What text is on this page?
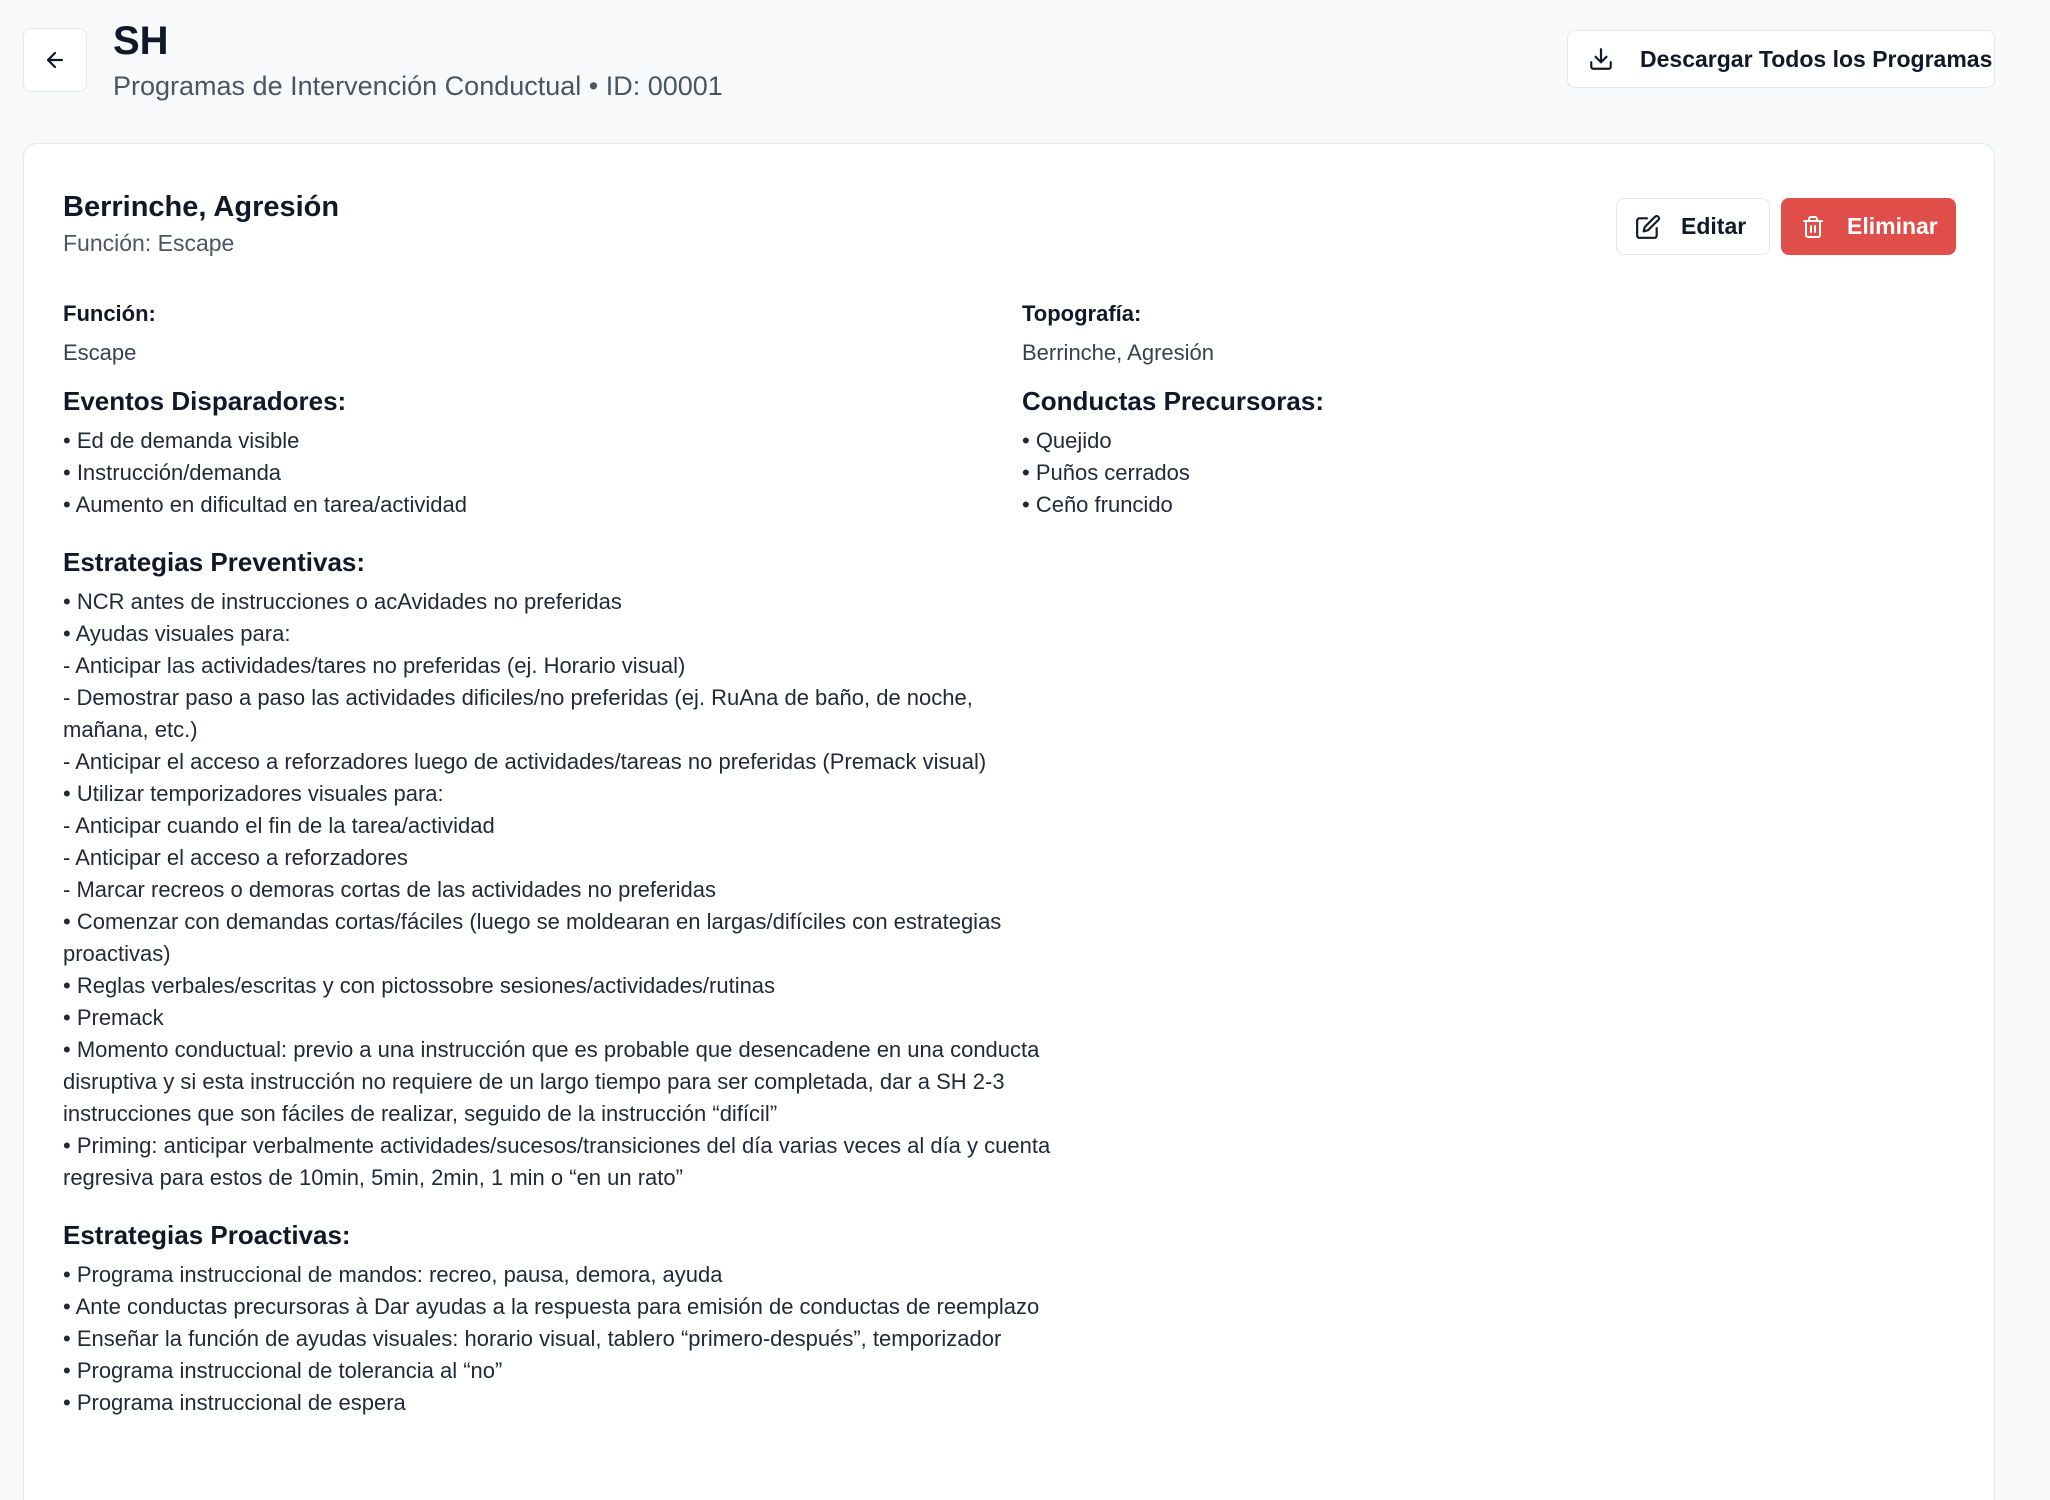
SH
Programas de Intervención Conductual • ID: 00001
Descargar Todos los Programas
Berrinche, Agresión
Función: Escape
Editar	Eliminar
Función:
Escape
Eventos Disparadores:
• Ed de demanda visible
• Instrucción/demanda
• Aumento en dificultad en tarea/actividad
Estrategias Preventivas:
• NCR antes de instrucciones o acAvidades no preferidas
• Ayudas visuales para:
- Anticipar las actividades/tares no preferidas (ej. Horario visual)
- Demostrar paso a paso las actividades dificiles/no preferidas (ej. RuAna de baño, de noche, mañana, etc.)
- Anticipar el acceso a reforzadores luego de actividades/tareas no preferidas (Premack visual)
• Utilizar temporizadores visuales para:
- Anticipar cuando el fin de la tarea/actividad
- Anticipar el acceso a reforzadores
- Marcar recreos o demoras cortas de las actividades no preferidas
• Comenzar con demandas cortas/fáciles (luego se moldearan en largas/difíciles con estrategias proactivas)
• Reglas verbales/escritas y con pictossobre sesiones/actividades/rutinas
• Premack
• Momento conductual: previo a una instrucción que es probable que desencadene en una conducta disruptiva y si esta instrucción no requiere de un largo tiempo para ser completada, dar a SH 2-3 instrucciones que son fáciles de realizar, seguido de la instrucción “difícil”
• Priming: anticipar verbalmente actividades/sucesos/transiciones del día varias veces al día y cuenta regresiva para estos de 10min, 5min, 2min, 1 min o “en un rato”
Estrategias Proactivas:
• Programa instruccional de mandos: recreo, pausa, demora, ayuda
• Ante conductas precursoras à Dar ayudas a la respuesta para emisión de conductas de reemplazo
• Enseñar la función de ayudas visuales: horario visual, tablero “primero-después”, temporizador
• Programa instruccional de tolerancia al “no”
• Programa instruccional de espera
Topografía:
Berrinche, Agresión
Conductas Precursoras:
• Quejido
• Puños cerrados
• Ceño fruncido
